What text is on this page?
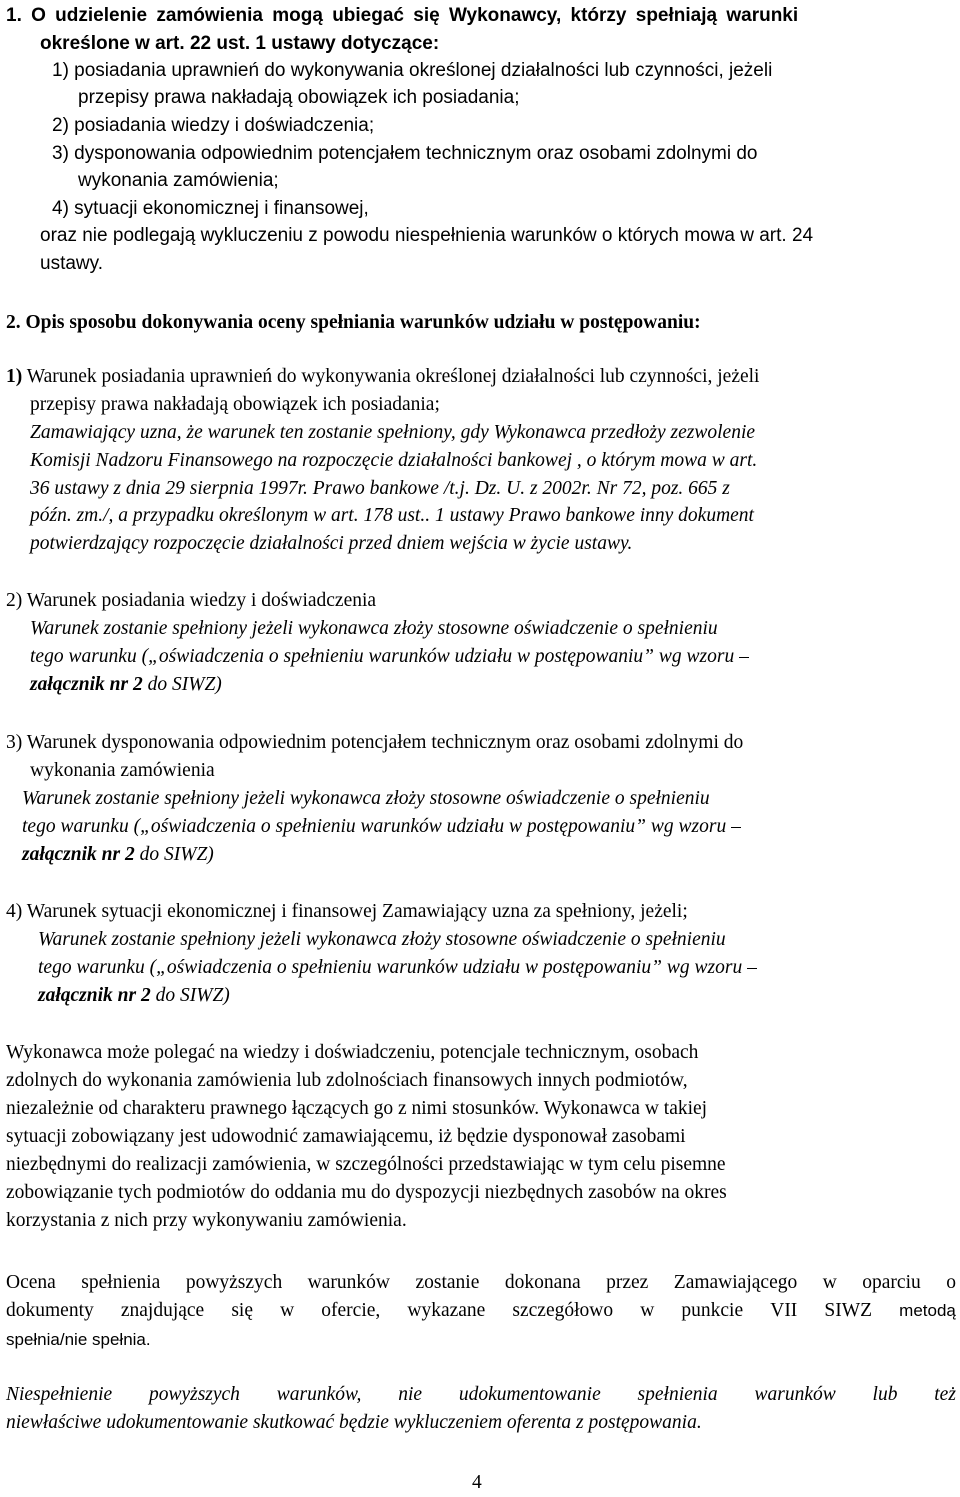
1. O udzielenie zamówienia mogą ubiegać się Wykonawcy, którzy spełniają warunki
określone w art. 22 ust. 1 ustawy dotyczące:
1) posiadania uprawnień do wykonywania określonej działalności lub czynności, jeżeli
przepisy prawa nakładają obowiązek ich posiadania;
2) posiadania wiedzy i doświadczenia;
3) dysponowania odpowiednim potencjałem technicznym oraz osobami zdolnymi do
wykonania zamówienia;
4) sytuacji ekonomicznej i finansowej,
oraz nie podlegają wykluczeniu z powodu niespełnienia warunków o których mowa w art. 24
ustawy.
2. Opis sposobu dokonywania oceny spełniania warunków udziału w postępowaniu:
1) Warunek posiadania uprawnień do wykonywania określonej działalności lub czynności, jeżeli
przepisy prawa nakładają obowiązek ich posiadania;
Zamawiający uzna, że warunek ten zostanie spełniony, gdy Wykonawca przedłoży zezwolenie
Komisji Nadzoru Finansowego na rozpoczęcie działalności bankowej , o którym mowa w art.
36 ustawy z dnia 29 sierpnia 1997r. Prawo bankowe /t.j. Dz. U. z 2002r. Nr 72, poz. 665 z
późn. zm./, a przypadku określonym w art. 178 ust.. 1 ustawy Prawo bankowe inny dokument
potwierdzający rozpoczęcie działalności przed dniem wejścia w życie ustawy.
2) Warunek posiadania wiedzy i doświadczenia
Warunek zostanie spełniony jeżeli wykonawca złoży stosowne oświadczenie o spełnieniu
tego warunku („oświadczenia o spełnieniu warunków udziału w postępowaniu” wg wzoru –
załącznik nr 2 do SIWZ)
3) Warunek dysponowania odpowiednim potencjałem technicznym oraz osobami zdolnymi do
wykonania zamówienia
Warunek zostanie spełniony jeżeli wykonawca złoży stosowne oświadczenie o spełnieniu
tego warunku („oświadczenia o spełnieniu warunków udziału w postępowaniu” wg wzoru –
załącznik nr 2 do SIWZ)
4) Warunek sytuacji ekonomicznej i finansowej Zamawiający uzna za spełniony, jeżeli;
Warunek zostanie spełniony jeżeli wykonawca złoży stosowne oświadczenie o spełnieniu
tego warunku („oświadczenia o spełnieniu warunków udziału w postępowaniu” wg wzoru –
załącznik nr 2 do SIWZ)
Wykonawca może polegać na wiedzy i doświadczeniu, potencjale technicznym, osobach
zdolnych do wykonania zamówienia lub zdolnościach finansowych innych podmiotów,
niezależnie od charakteru prawnego łączących go z nimi stosunków. Wykonawca w takiej
sytuacji zobowiązany jest udowodnić zamawiającemu, iż będzie dysponował zasobami
niezbędnymi do realizacji zamówienia, w szczególności przedstawiając w tym celu pisemne
zobowiązanie tych podmiotów do oddania mu do dyspozycji niezbędnych zasobów na okres
korzystania z nich przy wykonywaniu zamówienia.
Ocena spełnienia powyższych warunków zostanie dokonana przez Zamawiającego w oparciu o
dokumenty znajdujące się w ofercie, wykazane szczegółowo w punkcie VII SIWZ metodą
spełnia/nie spełnia.
Niespełnienie powyższych warunków, nie udokumentowanie spełnienia warunków lub też
niewłaściwe udokumentowanie skutkować będzie wykluczeniem oferenta z postępowania.
4
